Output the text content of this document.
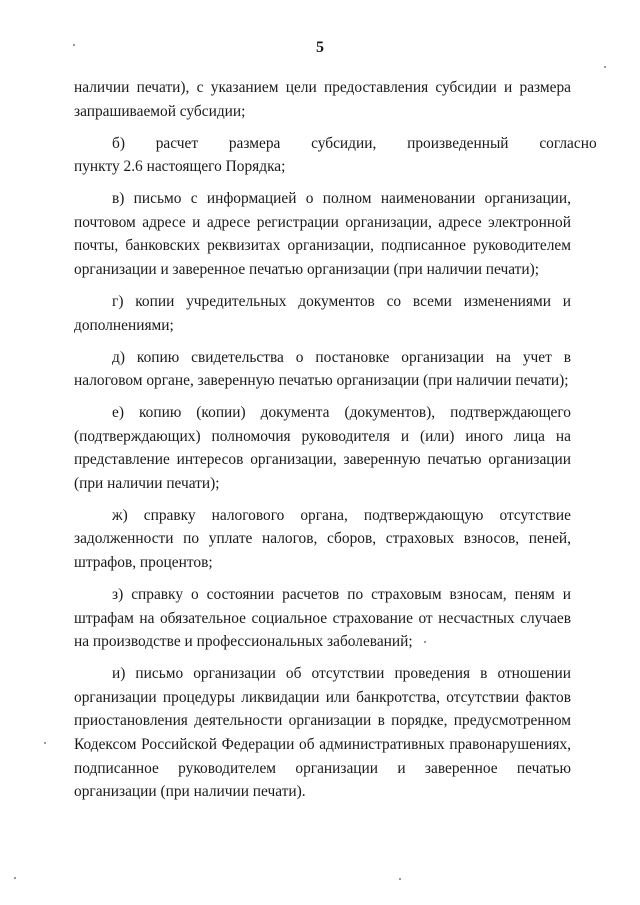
5

наличии печати), с указанием цели предоставления субсидии и размера
запрашиваемой субсидии;

б)        расчет        размера        субсидии,        произведенный        согласно
пункту 2.6 настоящего Порядка;

в) письмо с информацией о полном наименовании организации, почтовом адресе и адресе регистрации организации, адресе электронной почты, банковских реквизитах организации, подписанное руководителем организации и заверенное печатью организации (при наличии печати);

г) копии учредительных документов со всеми изменениями и дополнениями;

д) копию свидетельства о постановке организации на учет в налоговом органе, заверенную печатью организации (при наличии печати);

е) копию (копии) документа (документов), подтверждающего (подтверждающих) полномочия руководителя и (или) иного лица на представление интересов организации, заверенную печатью организации (при наличии печати);

ж) справку налогового органа, подтверждающую отсутствие задолженности по уплате налогов, сборов, страховых взносов, пеней, штрафов, процентов;

з) справку о состоянии расчетов по страховым взносам, пеням и штрафам на обязательное социальное страхование от несчастных случаев на производстве и профессиональных заболеваний;

и) письмо организации об отсутствии проведения в отношении организации процедуры ликвидации или банкротства, отсутствии фактов приостановления деятельности организации в порядке, предусмотренном Кодексом Российской Федерации об административных правонарушениях, подписанное руководителем организации и заверенное печатью организации (при наличии печати).
